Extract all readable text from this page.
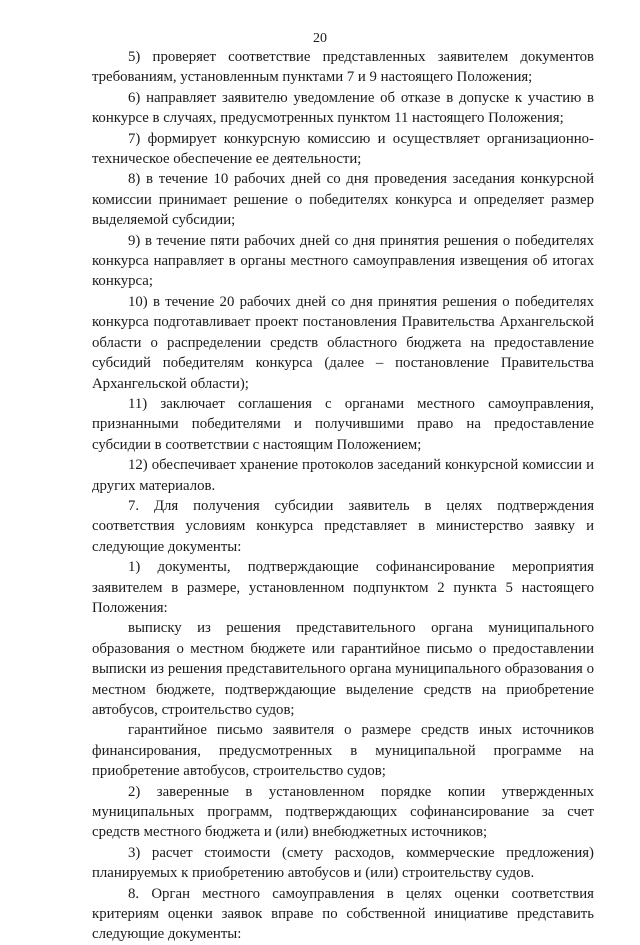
20

5) проверяет соответствие представленных заявителем документов требованиям, установленным пунктами 7 и 9 настоящего Положения;

6) направляет заявителю уведомление об отказе в допуске к участию в конкурсе в случаях, предусмотренных пунктом 11 настоящего Положения;

7) формирует конкурсную комиссию и осуществляет организационно-техническое обеспечение ее деятельности;

8) в течение 10 рабочих дней со дня проведения заседания конкурсной комиссии принимает решение о победителях конкурса и определяет размер выделяемой субсидии;

9) в течение пяти рабочих дней со дня принятия решения о победителях конкурса направляет в органы местного самоуправления извещения об итогах конкурса;

10) в течение 20 рабочих дней со дня принятия решения о победителях конкурса подготавливает проект постановления Правительства Архангельской области о распределении средств областного бюджета на предоставление субсидий победителям конкурса (далее – постановление Правительства Архангельской области);

11) заключает соглашения с органами местного самоуправления, признанными победителями и получившими право на предоставление субсидии в соответствии с настоящим Положением;

12) обеспечивает хранение протоколов заседаний конкурсной комиссии и других материалов.

7. Для получения субсидии заявитель в целях подтверждения соответствия условиям конкурса представляет в министерство заявку и следующие документы:

1) документы, подтверждающие софинансирование мероприятия заявителем в размере, установленном подпунктом 2 пункта 5 настоящего Положения:

выписку из решения представительного органа муниципального образования о местном бюджете или гарантийное письмо о предоставлении выписки из решения представительного органа муниципального образования о местном бюджете, подтверждающие выделение средств на приобретение автобусов, строительство судов;

гарантийное письмо заявителя о размере средств иных источников финансирования, предусмотренных в муниципальной программе на приобретение автобусов, строительство судов;

2) заверенные в установленном порядке копии утвержденных муниципальных программ, подтверждающих софинансирование за счет средств местного бюджета и (или) внебюджетных источников;

3) расчет стоимости (смету расходов, коммерческие предложения) планируемых к приобретению автобусов и (или) строительству судов.

8. Орган местного самоуправления в целях оценки соответствия критериям оценки заявок вправе по собственной инициативе представить следующие документы:
